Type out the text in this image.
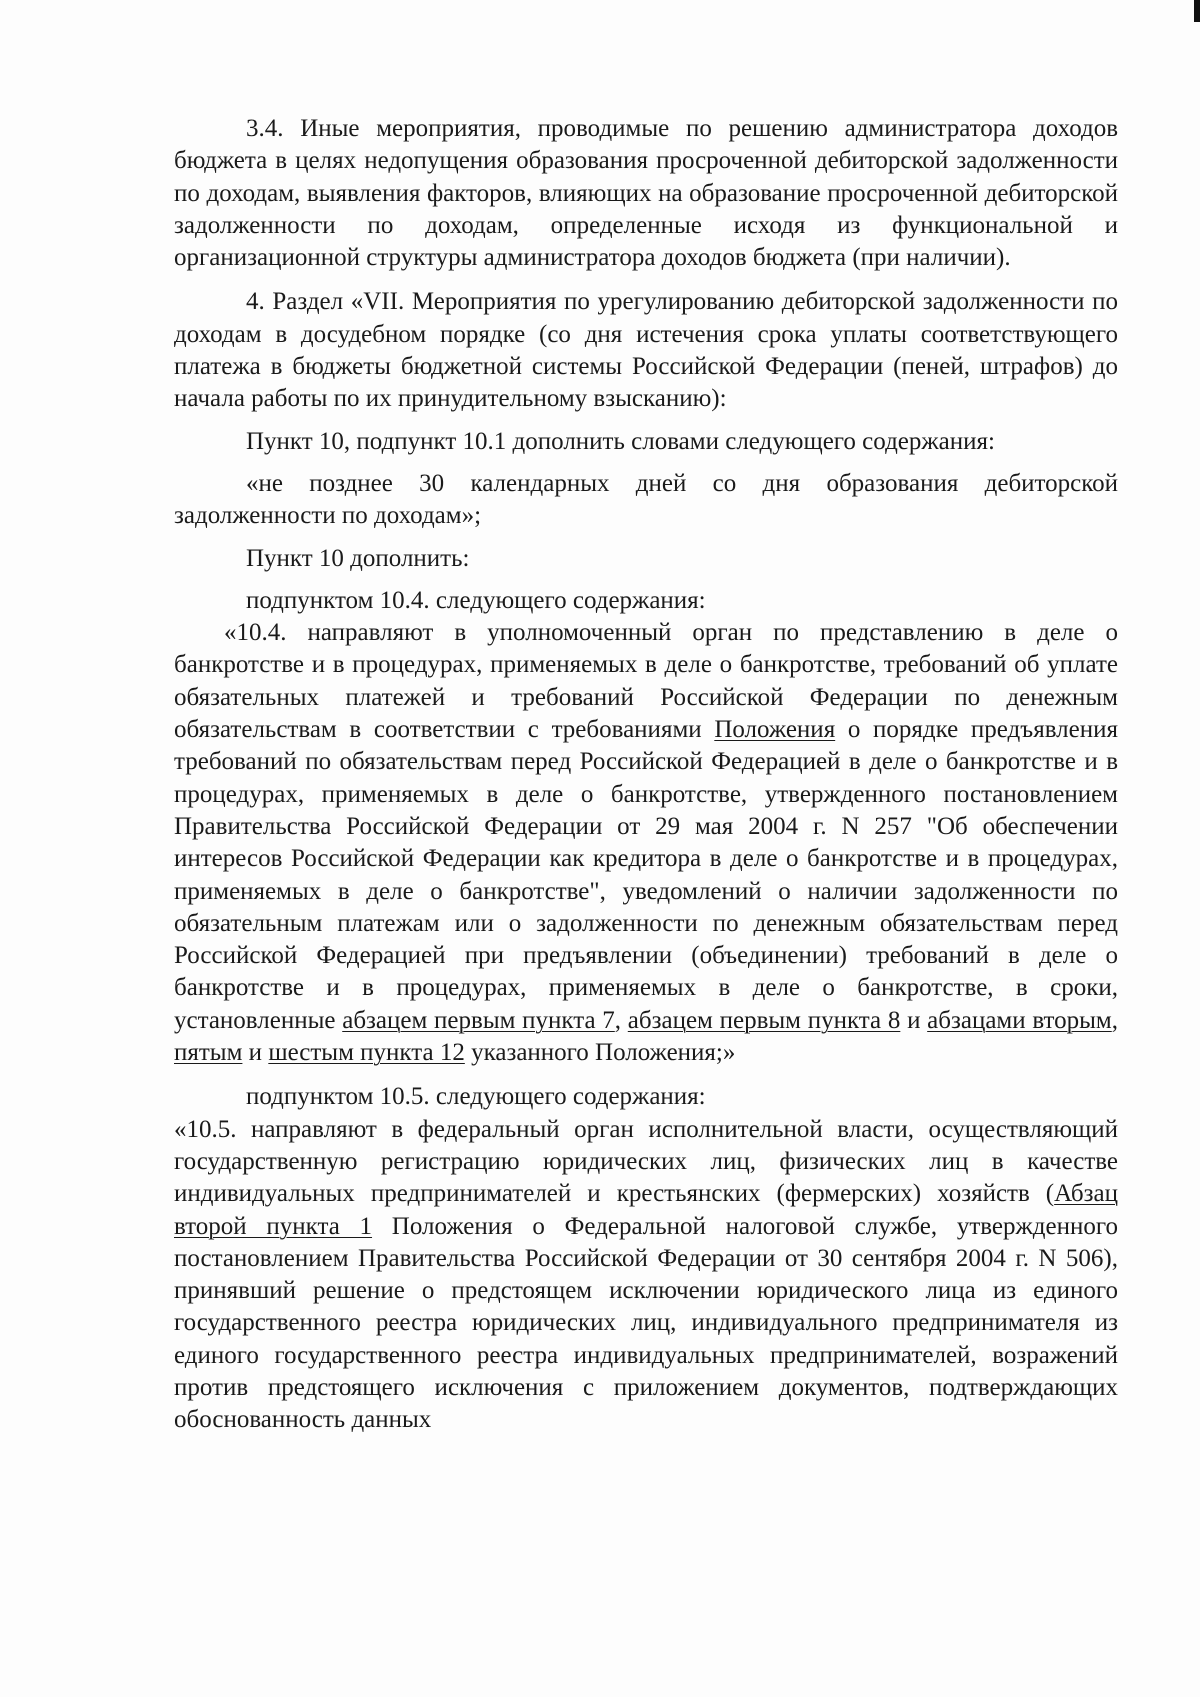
3.4. Иные мероприятия, проводимые по решению администратора доходов бюджета в целях недопущения образования просроченной дебиторской задолженности по доходам, выявления факторов, влияющих на образование просроченной дебиторской задолженности по доходам, определенные исходя из функциональной и организационной структуры администратора доходов бюджета (при наличии).

4. Раздел «VII. Мероприятия по урегулированию дебиторской задолженности по доходам в досудебном порядке (со дня истечения срока уплаты соответствующего платежа в бюджеты бюджетной системы Российской Федерации (пеней, штрафов) до начала работы по их принудительному взысканию):

Пункт 10, подпункт 10.1 дополнить словами следующего содержания:

«не позднее 30 календарных дней со дня образования дебиторской задолженности по доходам»;

Пункт 10 дополнить:

подпунктом 10.4. следующего содержания:

«10.4. направляют в уполномоченный орган по представлению в деле о банкротстве и в процедурах, применяемых в деле о банкротстве, требований об уплате обязательных платежей и требований Российской Федерации по денежным обязательствам в соответствии с требованиями Положения о порядке предъявления требований по обязательствам перед Российской Федерацией в деле о банкротстве и в процедурах, применяемых в деле о банкротстве, утвержденного постановлением Правительства Российской Федерации от 29 мая 2004 г. N 257 "Об обеспечении интересов Российской Федерации как кредитора в деле о банкротстве и в процедурах, применяемых в деле о банкротстве", уведомлений о наличии задолженности по обязательным платежам или о задолженности по денежным обязательствам перед Российской Федерацией при предъявлении (объединении) требований в деле о банкротстве и в процедурах, применяемых в деле о банкротстве, в сроки, установленные абзацем первым пункта 7, абзацем первым пункта 8 и абзацами вторым, пятым и шестым пункта 12 указанного Положения;»

подпунктом 10.5. следующего содержания:

«10.5. направляют в федеральный орган исполнительной власти, осуществляющий государственную регистрацию юридических лиц, физических лиц в качестве индивидуальных предпринимателей и крестьянских (фермерских) хозяйств (Абзац второй пункта 1 Положения о Федеральной налоговой службе, утвержденного постановлением Правительства Российской Федерации от 30 сентября 2004 г. N 506), принявший решение о предстоящем исключении юридического лица из единого государственного реестра юридических лиц, индивидуального предпринимателя из единого государственного реестра индивидуальных предпринимателей, возражений против предстоящего исключения с приложением документов, подтверждающих обоснованность данных
